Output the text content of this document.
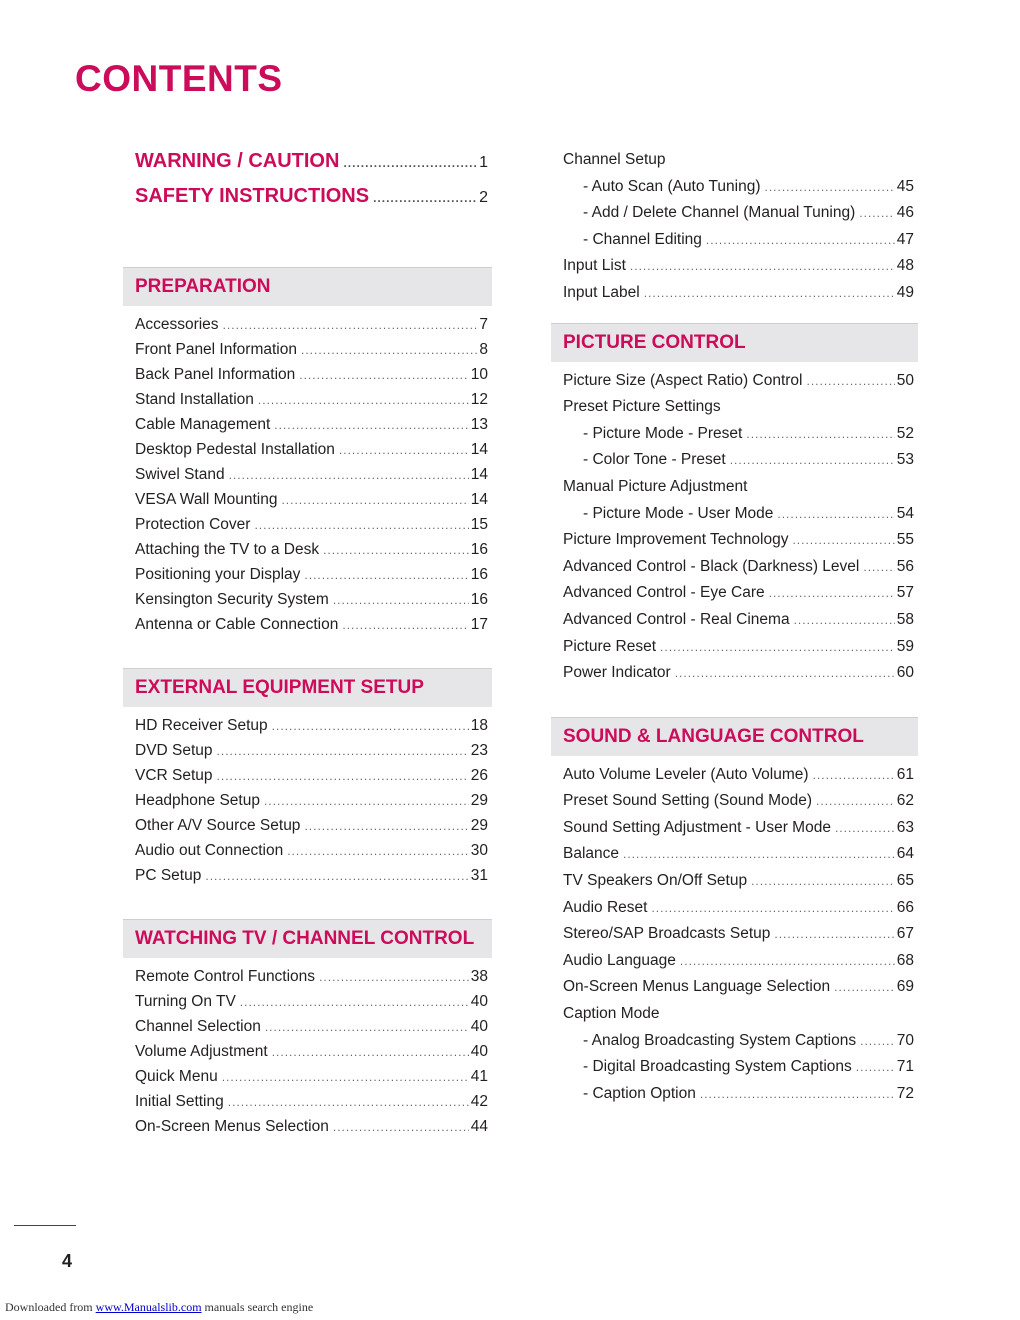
CONTENTS
WARNING / CAUTION .....	1
SAFETY INSTRUCTIONS .....	2
PREPARATION
Accessories .....	7
Front Panel Information .....	8
Back Panel Information .....	10
Stand Installation .....	12
Cable Management .....	13
Desktop Pedestal Installation .....	14
Swivel Stand .....	14
VESA Wall Mounting .....	14
Protection Cover .....	15
Attaching the TV to a Desk .....	16
Positioning your Display .....	16
Kensington Security System .....	16
Antenna or Cable Connection .....	17
EXTERNAL EQUIPMENT SETUP
HD Receiver Setup .....	18
DVD Setup .....	23
VCR Setup .....	26
Headphone Setup .....	29
Other A/V Source Setup .....	29
Audio out Connection .....	30
PC Setup .....	31
WATCHING TV / CHANNEL CONTROL
Remote Control Functions .....	38
Turning On TV .....	40
Channel Selection .....	40
Volume Adjustment .....	40
Quick Menu .....	41
Initial Setting .....	42
On-Screen Menus Selection .....	44
Channel Setup
- Auto Scan (Auto Tuning) .....	45
- Add / Delete Channel (Manual Tuning) .....	46
- Channel Editing .....	47
Input List .....	48
Input Label .....	49
PICTURE CONTROL
Picture Size (Aspect Ratio) Control .....	50
Preset Picture Settings
- Picture Mode - Preset .....	52
- Color Tone - Preset .....	53
Manual Picture Adjustment
- Picture Mode - User Mode .....	54
Picture Improvement Technology .....	55
Advanced Control - Black (Darkness) Level ..... 56
Advanced Control - Eye Care .....	57
Advanced Control - Real Cinema .....	58
Picture Reset .....	59
Power Indicator .....	60
SOUND & LANGUAGE CONTROL
Auto Volume Leveler (Auto Volume) .....	61
Preset Sound Setting (Sound Mode) .....	62
Sound Setting Adjustment - User Mode .....	63
Balance .....	64
TV Speakers On/Off Setup .....	65
Audio Reset .....	66
Stereo/SAP Broadcasts Setup .....	67
Audio Language .....	68
On-Screen Menus Language Selection .....	69
Caption Mode
- Analog Broadcasting System Captions .....	70
- Digital Broadcasting System Captions .....	71
- Caption Option .....	72
4
Downloaded from www.Manualslib.com manuals search engine
